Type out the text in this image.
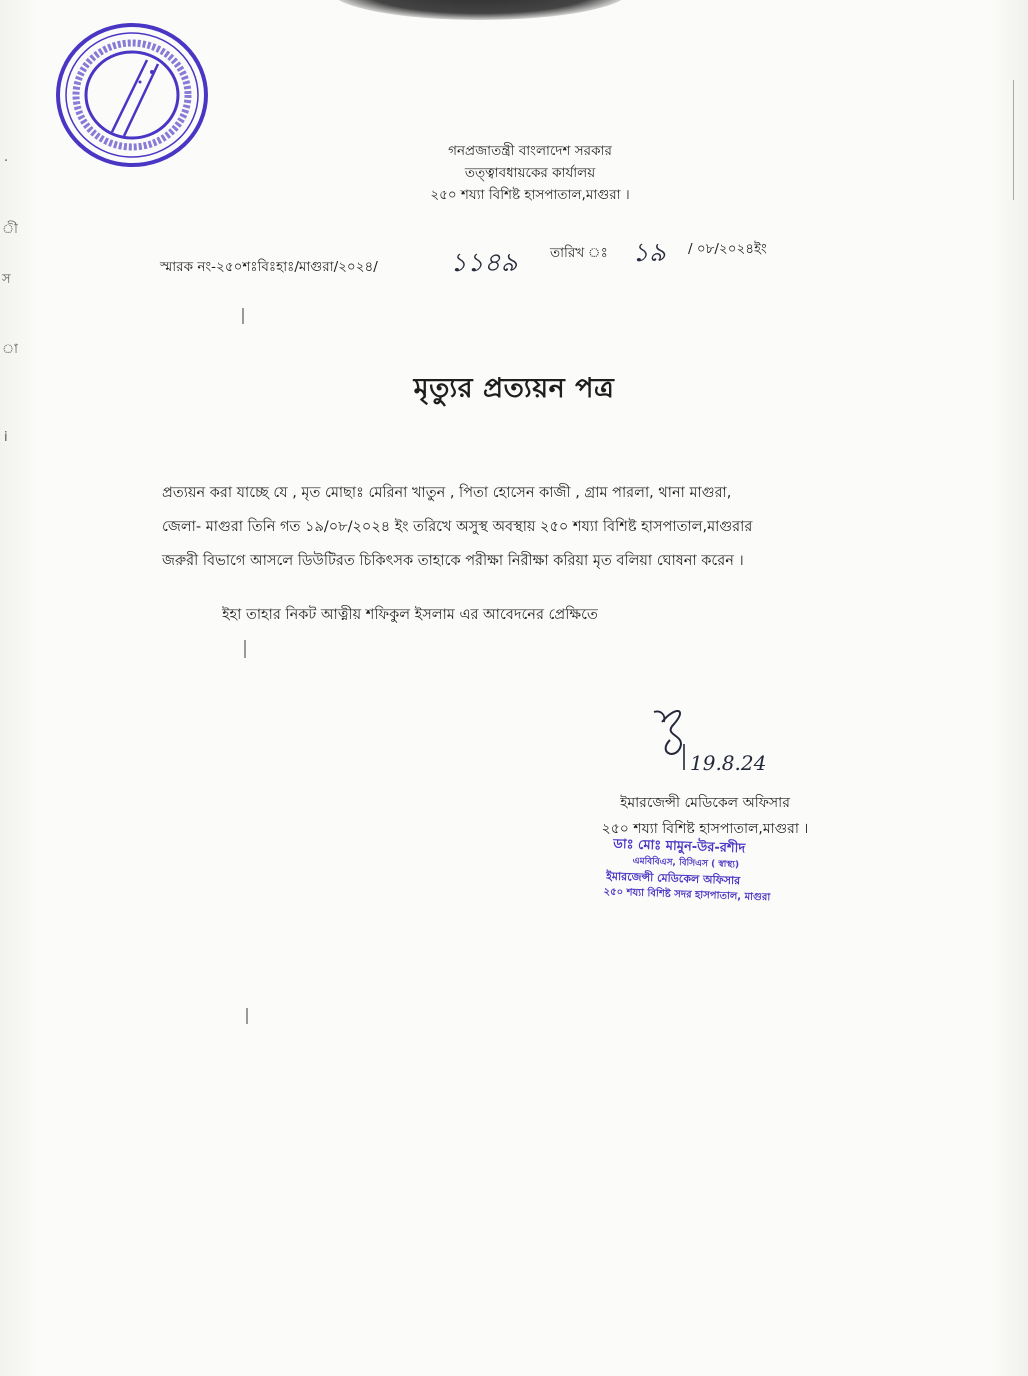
.
ী
স
া
i
গনপ্রজাতন্ত্রী বাংলাদেশ সরকার
তত্ত্বাবধায়কের কার্যালয়
২৫০ শয্যা বিশিষ্ট হাসপাতাল,মাগুরা ।
স্মারক নং-২৫০শঃবিঃহাঃ/মাগুরা/২০২৪/	১১৪৯ তারিখ ঃ ১৯ / ০৮/২০২৪ইং
মৃত্যুর প্রত্যয়ন পত্র
প্রত্যয়ন করা যাচ্ছে যে , মৃত মোছাঃ মেরিনা খাতুন , পিতা হোসেন কাজী , গ্রাম পারলা, থানা মাগুরা,
জেলা- মাগুরা তিনি গত ১৯/০৮/২০২৪ ইং তরিখে অসুস্থ অবস্থায় ২৫০ শয্যা বিশিষ্ট হাসপাতাল,মাগুরার
জরুরী বিভাগে আসলে ডিউটিরত চিকিৎসক তাহাকে পরীক্ষা নিরীক্ষা করিয়া মৃত বলিয়া ঘোষনা করেন ।
ইহা তাহার নিকট আত্নীয় শফিকুল ইসলাম এর আবেদনের প্রেক্ষিতে
19.8.24
ইমারজেন্সী মেডিকেল অফিসার
২৫০ শয্যা বিশিষ্ট হাসপাতাল,মাগুরা ।
ডাঃ মোঃ মামুন-উর-রশীদ
এমবিবিএস, বিসিএস ( স্বাস্থ্য)
ইমারজেন্সী মেডিকেল অফিসার
২৫০ শয্যা বিশিষ্ট সদর হাসপাতাল, মাগুরা
